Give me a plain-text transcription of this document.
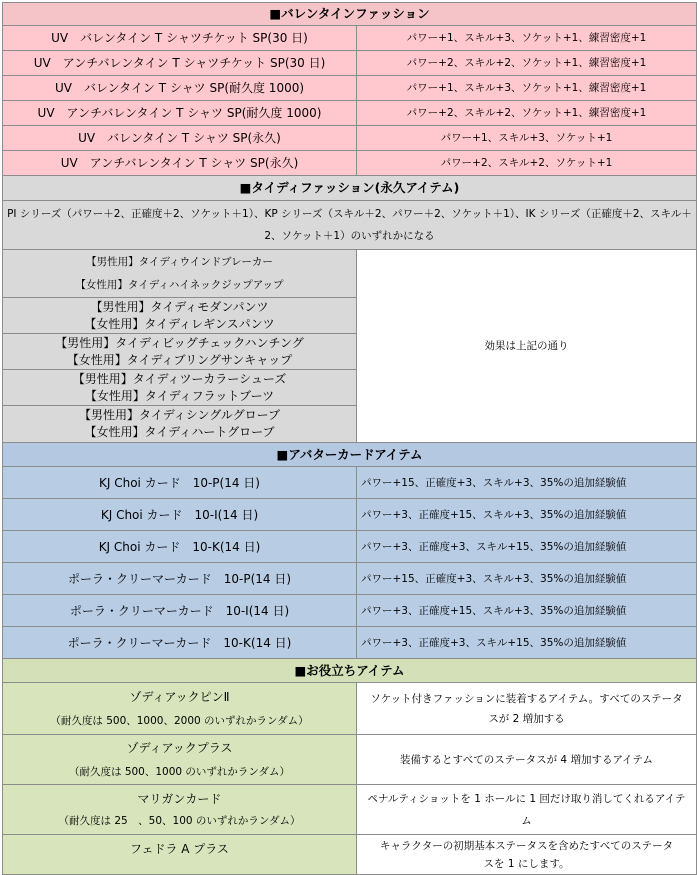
■バレンタインファッション	
UV　バレンタイン T シャツチケット SP(30 日)	パワー+1、スキル+3、ソケット+1、練習密度+1
UV　アンチバレンタイン T シャツチケット SP(30 日)	パワー+2、スキル+2、ソケット+1、練習密度+1
UV　バレンタイン T シャツ SP(耐久度 1000)	パワー+1、スキル+3、ソケット+1、練習密度+1
UV　アンチバレンタイン T シャツ SP(耐久度 1000)	パワー+2、スキル+2、ソケット+1、練習密度+1
UV　バレンタイン T シャツ SP(永久)	パワー+1、スキル+3、ソケット+1
UV　アンチバレンタイン T シャツ SP(永久)	パワー+2、スキル+2、ソケット+1
■タイディファッション(永久アイテム)	
PI シリーズ（パワー＋2、正確度＋2、ソケット＋1）、KP シリーズ（スキル＋2、パワー＋2、ソケット＋1）、IK シリーズ（正確度＋2、スキル＋2、ソケット＋1）のいずれかになる	

【男性用】タイディウインドブレーカー
【女性用】タイディハイネックジップアップ	効果は上記の通り

【男性用】タイディモダンパンツ
【女性用】タイディレギンスパンツ	

【男性用】タイディビッグチェックハンチング
【女性用】タイディブリングサンキャップ	

【男性用】タイディツーカラーシューズ
【女性用】タイディフラットブーツ	

【男性用】タイディシングルグローブ
【女性用】タイディハートグローブ	

■アバターカードアイテム	
KJ Choi カード　10-P(14 日)	パワー+15、正確度+3、スキル+3、35%の追加経験値
KJ Choi カード　10-I(14 日)	パワー+3、正確度+15、スキル+3、35%の追加経験値
KJ Choi カード　10-K(14 日)	パワー+3、正確度+3、スキル+15、35%の追加経験値
ポーラ・クリーマーカード　10-P(14 日)	パワー+15、正確度+3、スキル+3、35%の追加経験値
ポーラ・クリーマーカード　10-I(14 日)	パワー+3、正確度+15、スキル+3、35%の追加経験値
ポーラ・クリーマーカード　10-K(14 日)	パワー+3、正確度+3、スキル+15、35%の追加経験値
■お役立ちアイテム	

ゾディアックピンⅡ
（耐久度は 500、1000、2000 のいずれかランダム）	ソケット付きファッションに装着するアイテム。すべてのステータ
スが 2 増加する

ゾディアックプラス
（耐久度は 500、1000 のいずれかランダム）	装備するとすべてのステータスが 4 増加するアイテム

マリガンカード
（耐久度は 25　、50、100 のいずれかランダム）	ペナルティショットを 1 ホールに 1 回だけ取り消してくれるアイテ
ム

フェドラ A プラス	キャラクターの初期基本ステータスを含めたすべてのステータ
スを 1 にします。
